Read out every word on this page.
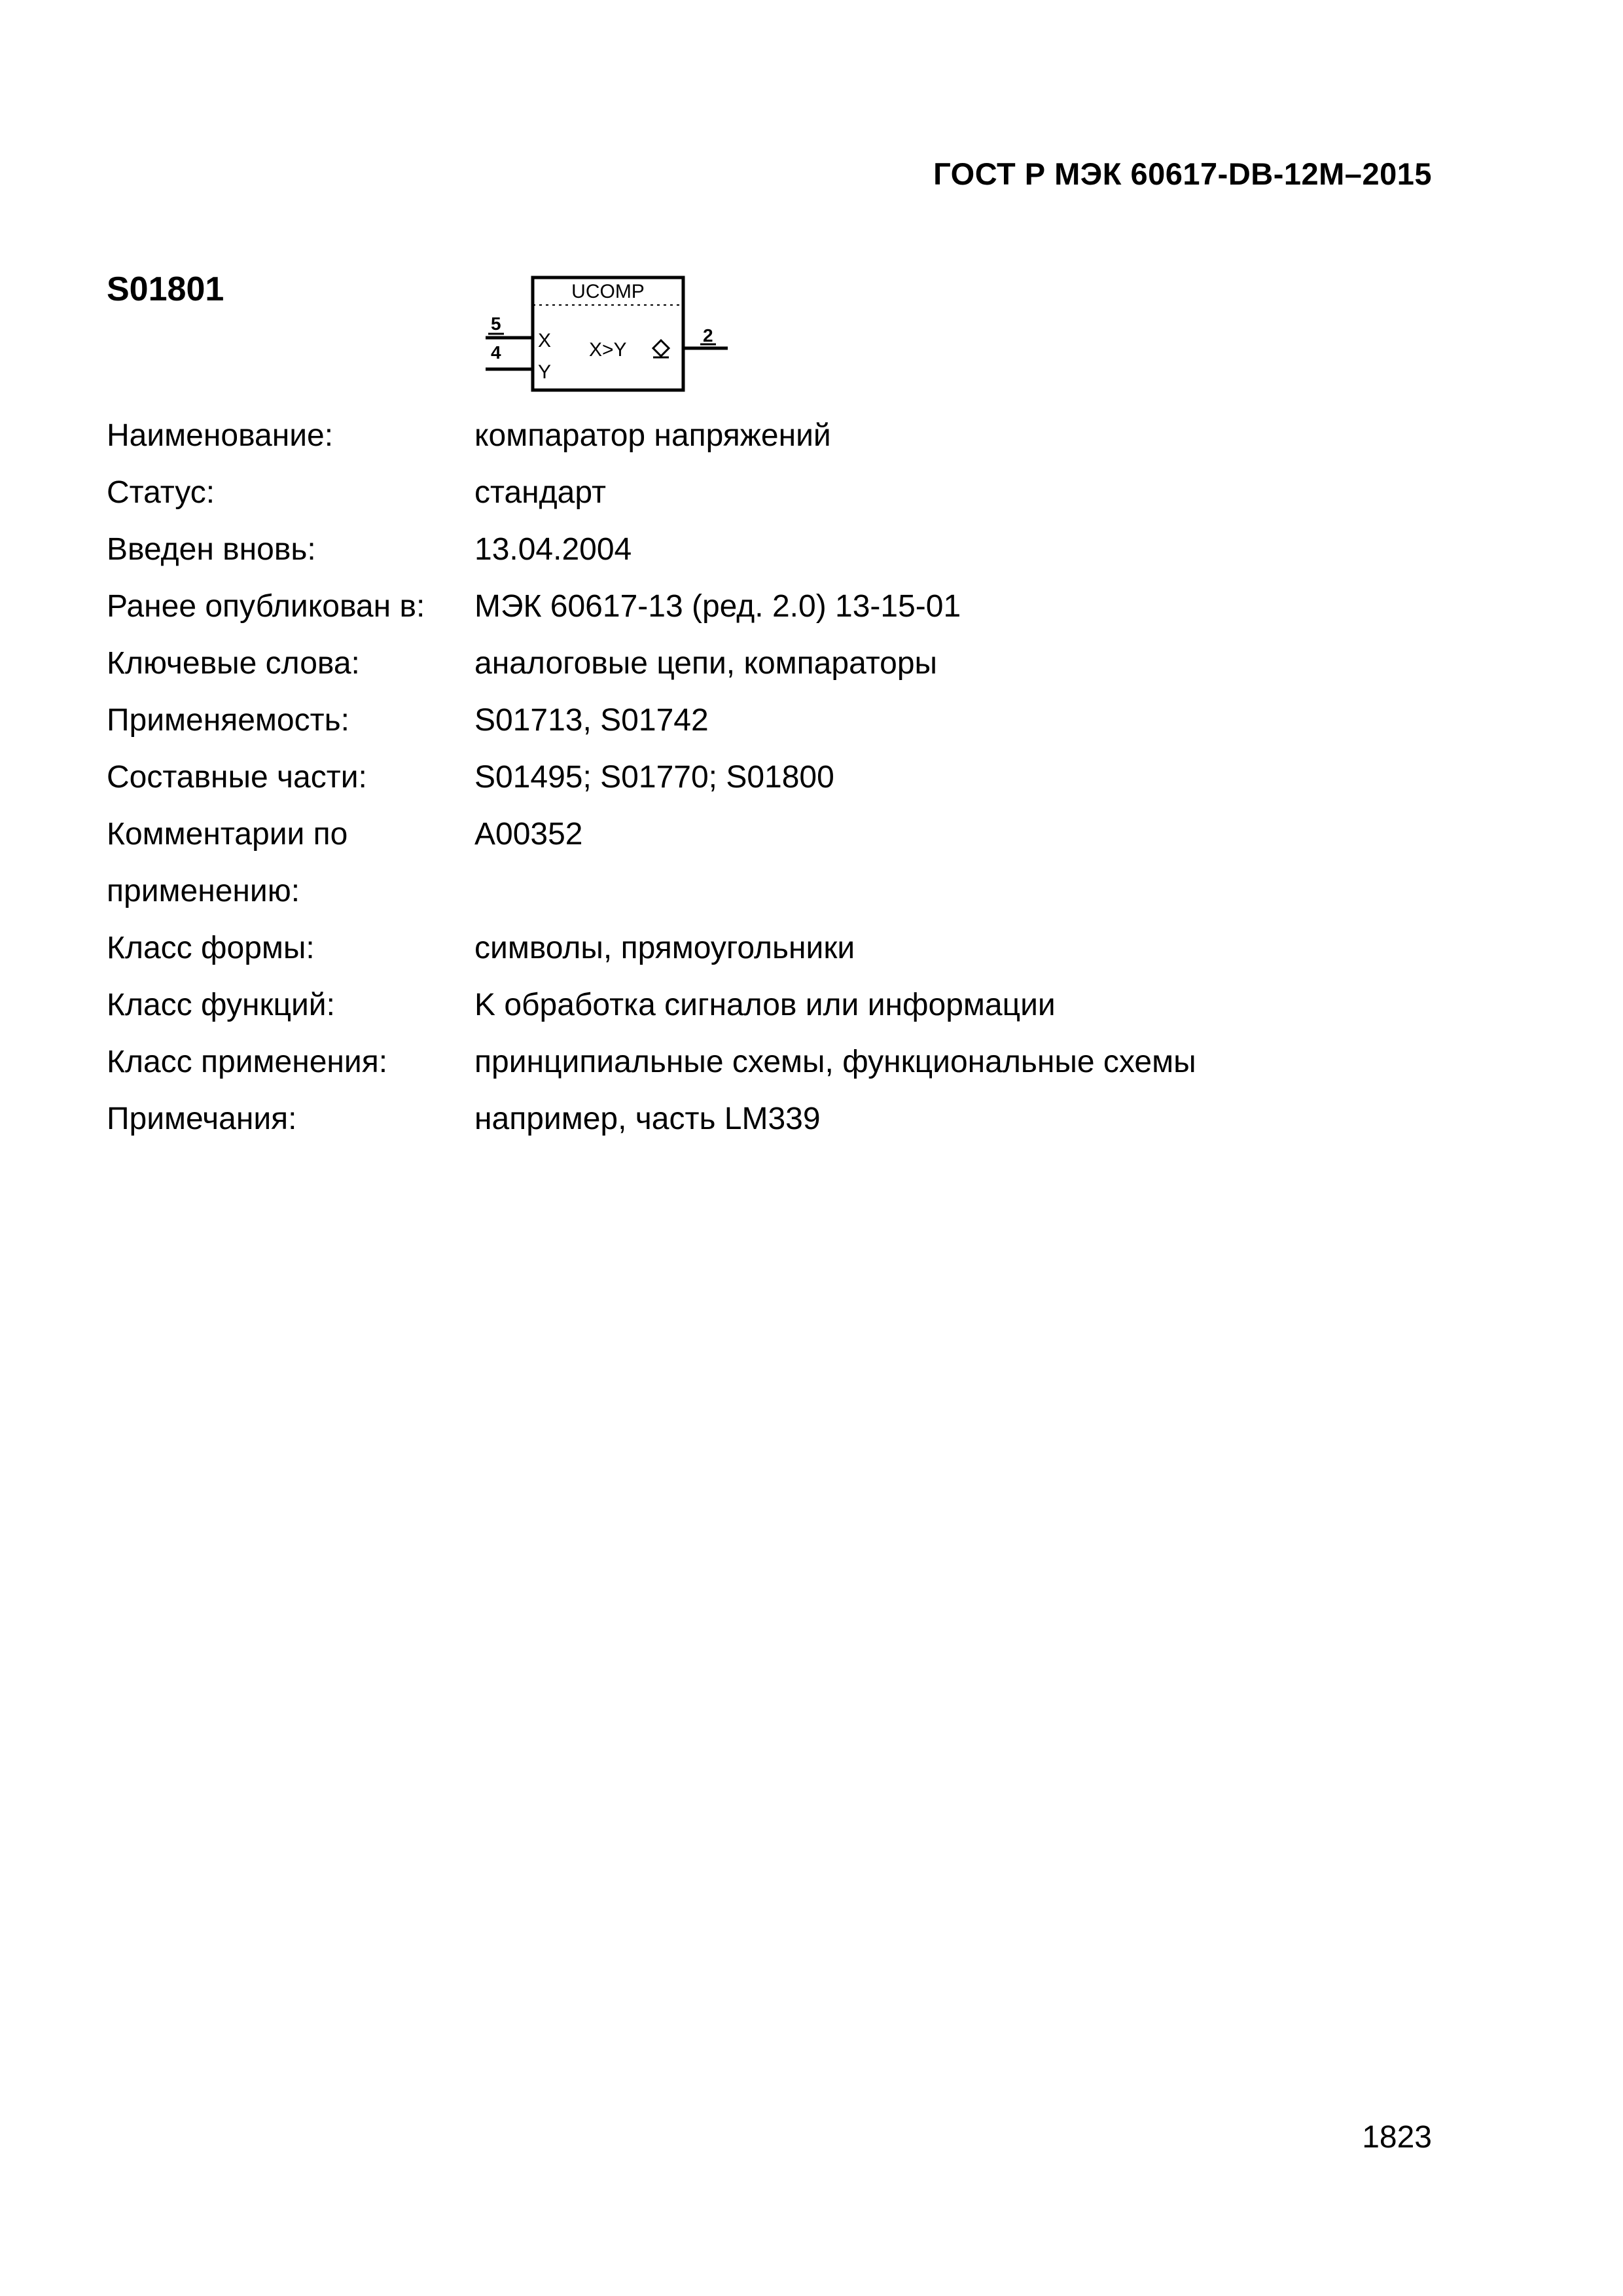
ГОСТ Р МЭК 60617-DB-12M–2015
S01801	UCOMP
5
4
X
Y
X>Y
2
Наименование:	компаратор напряжений
Статус:	стандарт
Введен вновь:	13.04.2004
Ранее опубликован в:	МЭК 60617-13 (ред. 2.0) 13-15-01
Ключевые слова:	аналоговые цепи, компараторы
Применяемость:	S01713, S01742
Составные части:	S01495; S01770; S01800
Комментарии по применению:
A00352
Класс формы:	символы, прямоугольники
Класс функций:	K обработка сигналов или информации
Класс применения:	принципиальные схемы, функциональные схемы
Примечания:	например, часть LM339
1823
